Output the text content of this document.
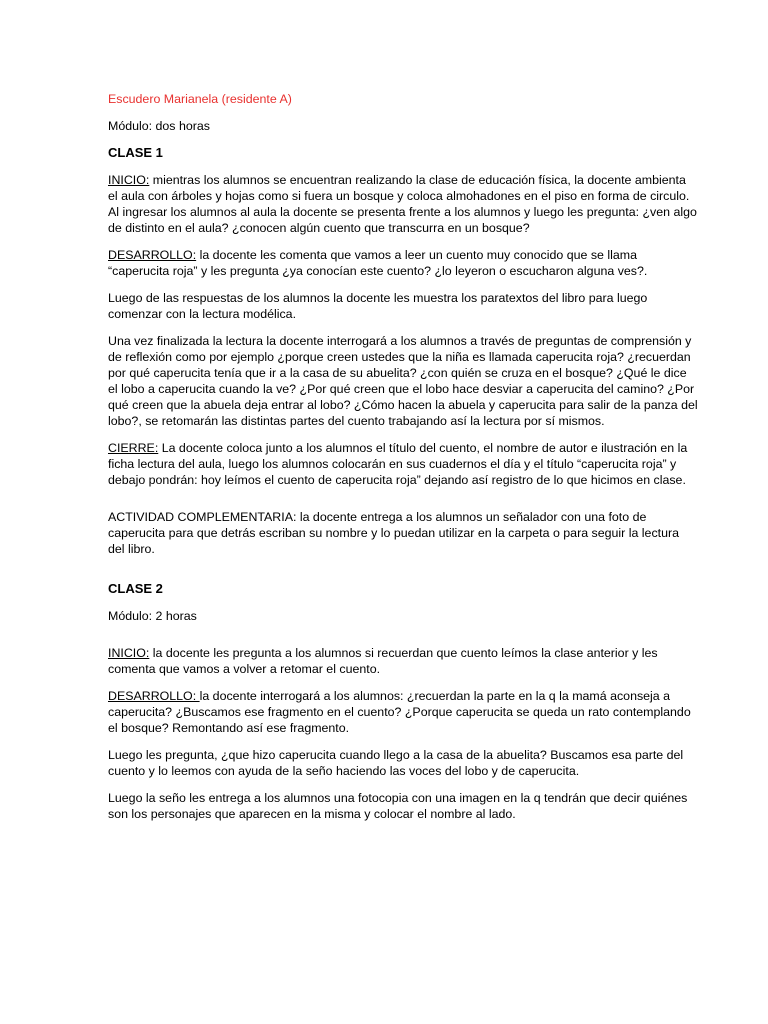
Escudero Marianela (residente A)

Módulo: dos horas

CLASE 1

INICIO: mientras los alumnos se encuentran realizando la clase de educación física, la docente ambienta el aula con árboles y hojas como si fuera un bosque y coloca almohadones en el piso en forma de circulo. Al ingresar los alumnos al aula la docente se presenta frente a los alumnos y luego les pregunta: ¿ven algo de distinto en el aula? ¿conocen algún cuento que transcurra en un bosque?

DESARROLLO: la docente les comenta que vamos a leer un cuento muy conocido que se llama “caperucita roja” y les pregunta ¿ya conocían este cuento? ¿lo leyeron o escucharon alguna ves?.

Luego de las respuestas de los alumnos la docente les muestra los paratextos del libro para luego comenzar con la lectura modélica.

Una vez finalizada la lectura la docente interrogará a los alumnos a través de preguntas de comprensión y de reflexión como por ejemplo ¿porque creen ustedes que la niña es llamada caperucita roja? ¿recuerdan por qué caperucita tenía que ir a la casa de su abuelita? ¿con quién se cruza en el bosque? ¿Qué le dice el lobo a caperucita cuando la ve? ¿Por qué creen que el lobo hace desviar a caperucita del camino? ¿Por qué creen que la abuela deja entrar al lobo? ¿Cómo hacen la abuela y caperucita para salir de la panza del lobo?, se retomarán las distintas partes del cuento trabajando así la lectura por sí mismos.

CIERRE: La docente coloca junto a los alumnos el título del cuento, el nombre de autor e ilustración en la ficha lectura del aula, luego los alumnos colocarán en sus cuadernos el día y el título “caperucita roja” y debajo pondrán: hoy leímos el cuento de caperucita roja” dejando así registro de lo que hicimos en clase.

ACTIVIDAD COMPLEMENTARIA: la docente entrega a los alumnos un señalador con una foto de caperucita para que detrás escriban su nombre y lo puedan utilizar en la carpeta o para seguir la lectura del libro.

CLASE 2

Módulo: 2 horas

INICIO: la docente les pregunta a los alumnos si recuerdan que cuento leímos la clase anterior y les comenta que vamos a volver a retomar el cuento.

DESARROLLO: la docente interrogará a los alumnos: ¿recuerdan la parte en la q la mamá aconseja a caperucita? ¿Buscamos ese fragmento en el cuento? ¿Porque caperucita se queda un rato contemplando el bosque? Remontando así ese fragmento.

Luego les pregunta, ¿que hizo caperucita cuando llego a la casa de la abuelita? Buscamos esa parte del cuento y lo leemos con ayuda de la seño haciendo las voces del lobo y de caperucita.

Luego la seño les entrega a los alumnos una fotocopia con una imagen en la q tendrán que decir quiénes son los personajes que aparecen en la misma y colocar el nombre al lado.
